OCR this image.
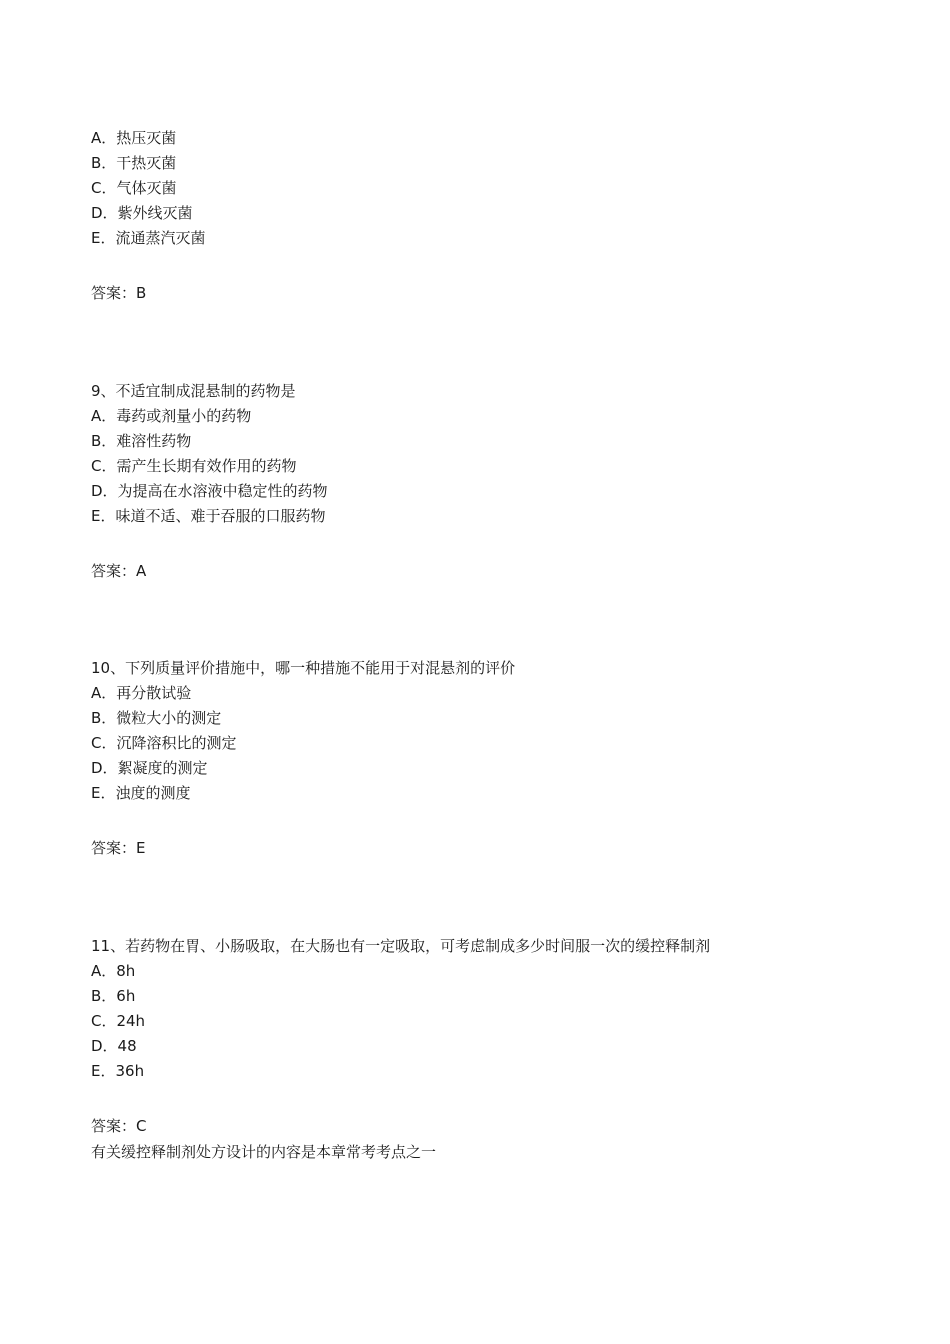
A．热压灭菌
B．干热灭菌
C．气体灭菌
D．紫外线灭菌
E．流通蒸汽灭菌
答案：B
9、不适宜制成混悬制的药物是
A．毒药或剂量小的药物
B．难溶性药物
C．需产生长期有效作用的药物
D．为提高在水溶液中稳定性的药物
E．味道不适、难于吞服的口服药物
答案：A
10、下列质量评价措施中，哪一种措施不能用于对混悬剂的评价
A．再分散试验
B．微粒大小的测定
C．沉降溶积比的测定
D．絮凝度的测定
E．浊度的测度
答案：E
11、若药物在胃、小肠吸取，在大肠也有一定吸取，可考虑制成多少时间服一次的缓控释制剂
A．8h
B．6h
C．24h
D．48
E．36h
答案：C
有关缓控释制剂处方设计的内容是本章常考考点之一
